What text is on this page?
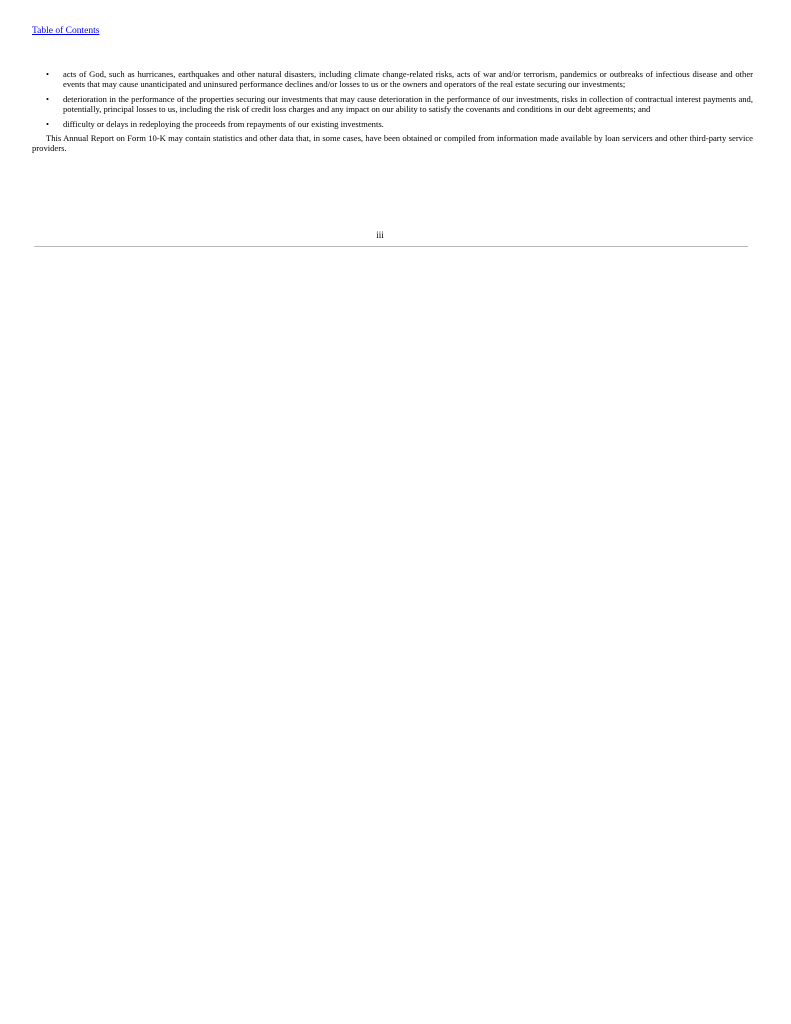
Table of Contents
• acts of God, such as hurricanes, earthquakes and other natural disasters, including climate change-related risks, acts of war and/or terrorism, pandemics or outbreaks of infectious disease and other events that may cause unanticipated and uninsured performance declines and/or losses to us or the owners and operators of the real estate securing our investments;
• deterioration in the performance of the properties securing our investments that may cause deterioration in the performance of our investments, risks in collection of contractual interest payments and, potentially, principal losses to us, including the risk of credit loss charges and any impact on our ability to satisfy the covenants and conditions in our debt agreements; and
• difficulty or delays in redeploying the proceeds from repayments of our existing investments.

This Annual Report on Form 10-K may contain statistics and other data that, in some cases, have been obtained or compiled from information made available by loan servicers and other third-party service providers.

iii
